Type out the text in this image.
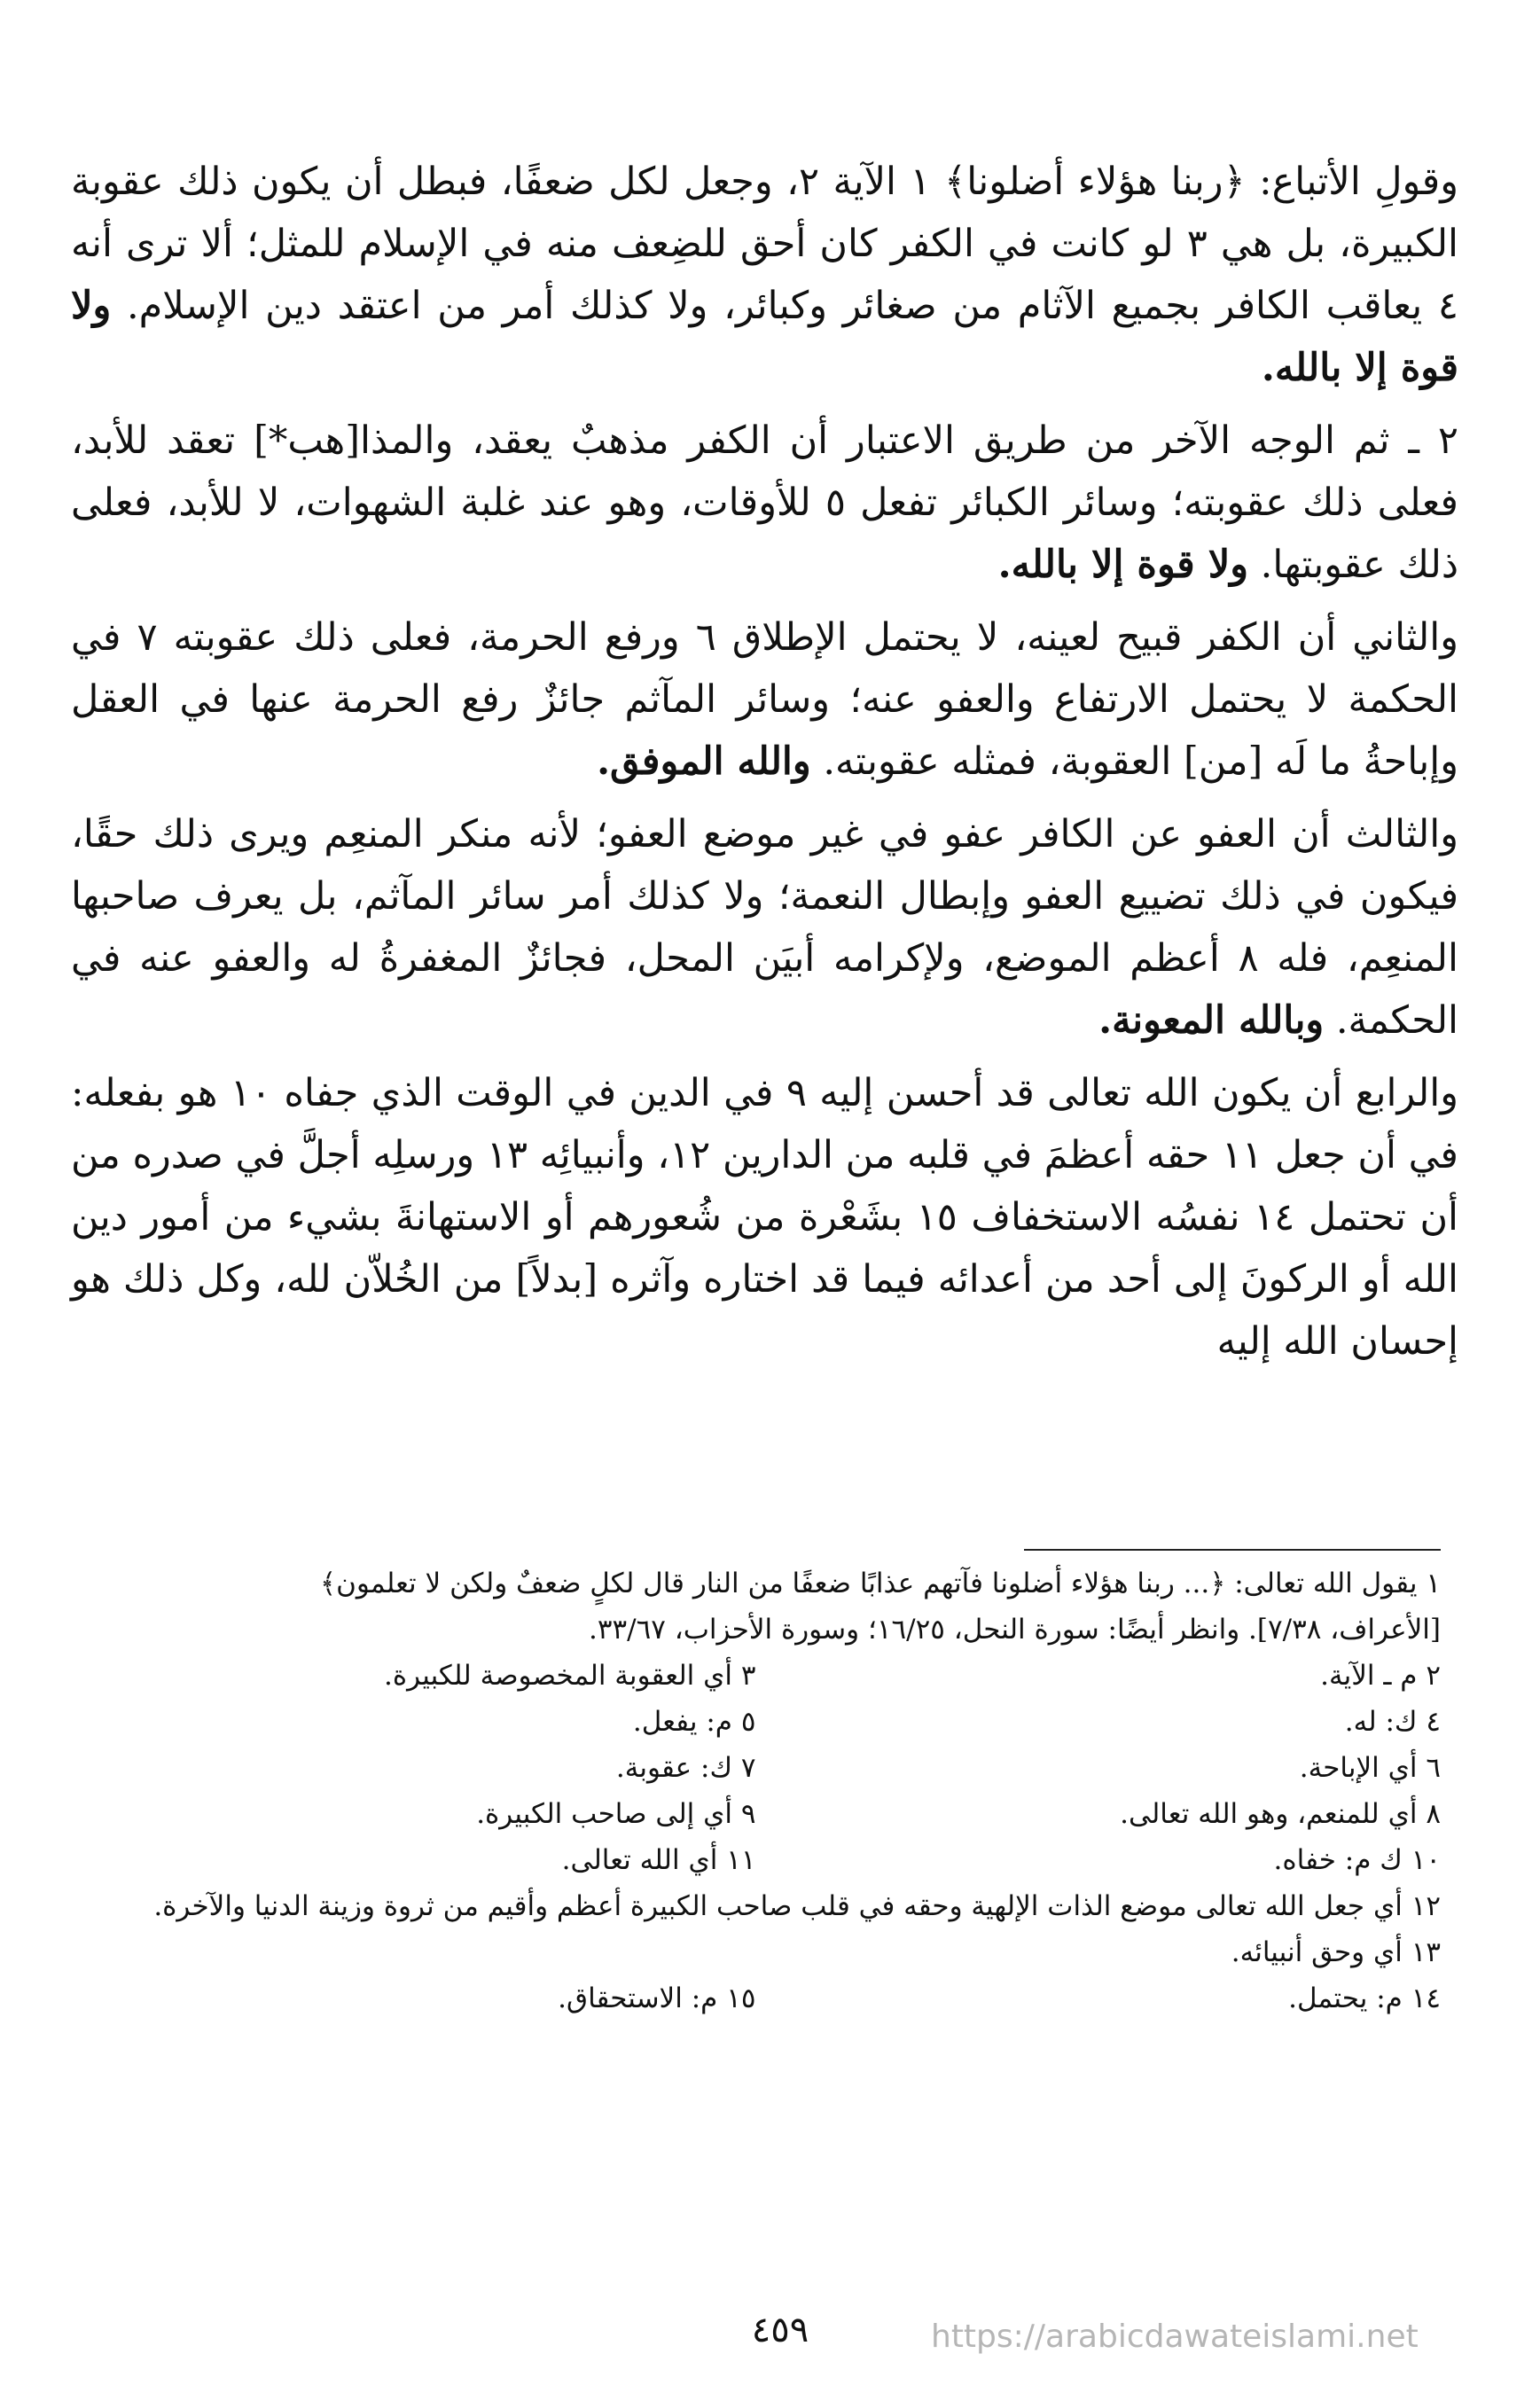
وقولِ الأتباع: ﴿ربنا هؤلاء أضلونا﴾ ١ الآية ٢، وجعل لكل ضعفًا، فبطل أن يكون ذلك عقوبة الكبيرة، بل هي ٣ لو كانت في الكفر كان أحق للضِعف منه في الإسلام للمثل؛ ألا ترى أنه ٤ يعاقب الكافر بجميع الآثام من صغائر وكبائر، ولا كذلك أمر من اعتقد دين الإسلام. ولا قوة إلا بالله.

٢ ـ ثم الوجه الآخر من طريق الاعتبار أن الكفر مذهبٌ يعقد، والمذا[هب*] تعقد للأبد، فعلى ذلك عقوبته؛ وسائر الكبائر تفعل ٥ للأوقات، وهو عند غلبة الشهوات، لا للأبد، فعلى ذلك عقوبتها. ولا قوة إلا بالله.

والثاني أن الكفر قبيح لعينه، لا يحتمل الإطلاق ٦ ورفع الحرمة، فعلى ذلك عقوبته ٧ في الحكمة لا يحتمل الارتفاع والعفو عنه؛ وسائر المآثم جائزٌ رفع الحرمة عنها في العقل وإباحةُ ما لَه [من] العقوبة، فمثله عقوبته. والله الموفق.

والثالث أن العفو عن الكافر عفو في غير موضع العفو؛ لأنه منكر المنعِم ويرى ذلك حقًا، فيكون في ذلك تضييع العفو وإبطال النعمة؛ ولا كذلك أمر سائر المآثم، بل يعرف صاحبها المنعِم، فله ٨ أعظم الموضع، ولإكرامه أبيَن المحل، فجائزٌ المغفرةُ له والعفو عنه في الحكمة. وبالله المعونة.

والرابع أن يكون الله تعالى قد أحسن إليه ٩ في الدين في الوقت الذي جفاه ١٠ هو بفعله: في أن جعل ١١ حقه أعظمَ في قلبه من الدارين ١٢، وأنبيائِه ١٣ ورسلِه أجلَّ في صدره من أن تحتمل ١٤ نفسُه الاستخفاف ١٥ بشَعْرة من شُعورهم أو الاستهانةَ بشيء من أمور دين الله أو الركونَ إلى أحد من أعدائه فيما قد اختاره وآثره [بدلاً] من الخُلاّن لله، وكل ذلك هو إحسان الله إليه

١ يقول الله تعالى: ﴿... ربنا هؤلاء أضلونا فآتهم عذابًا ضعفًا من النار قال لكلٍ ضعفٌ ولكن لا تعلمون﴾

[الأعراف، ٧/٣٨]. وانظر أيضًا: سورة النحل، ١٦/٢٥؛ وسورة الأحزاب، ٣٣/٦٧.

٢ م ـ الآية.
٣ أي العقوبة المخصوصة للكبيرة.
٤ ك: له.
٥ م: يفعل.
٦ أي الإباحة.
٧ ك: عقوبة.
٨ أي للمنعم، وهو الله تعالى.
٩ أي إلى صاحب الكبيرة.
١٠ ك م: خفاه.
١١ أي الله تعالى.

١٢ أي جعل الله تعالى موضع الذات الإلهية وحقه في قلب صاحب الكبيرة أعظم وأقيم من ثروة وزينة الدنيا والآخرة.

١٣ أي وحق أنبيائه.

١٤ م: يحتمل.
١٥ م: الاستحقاق.
٤٥٩	https://arabicdawateislami.net
